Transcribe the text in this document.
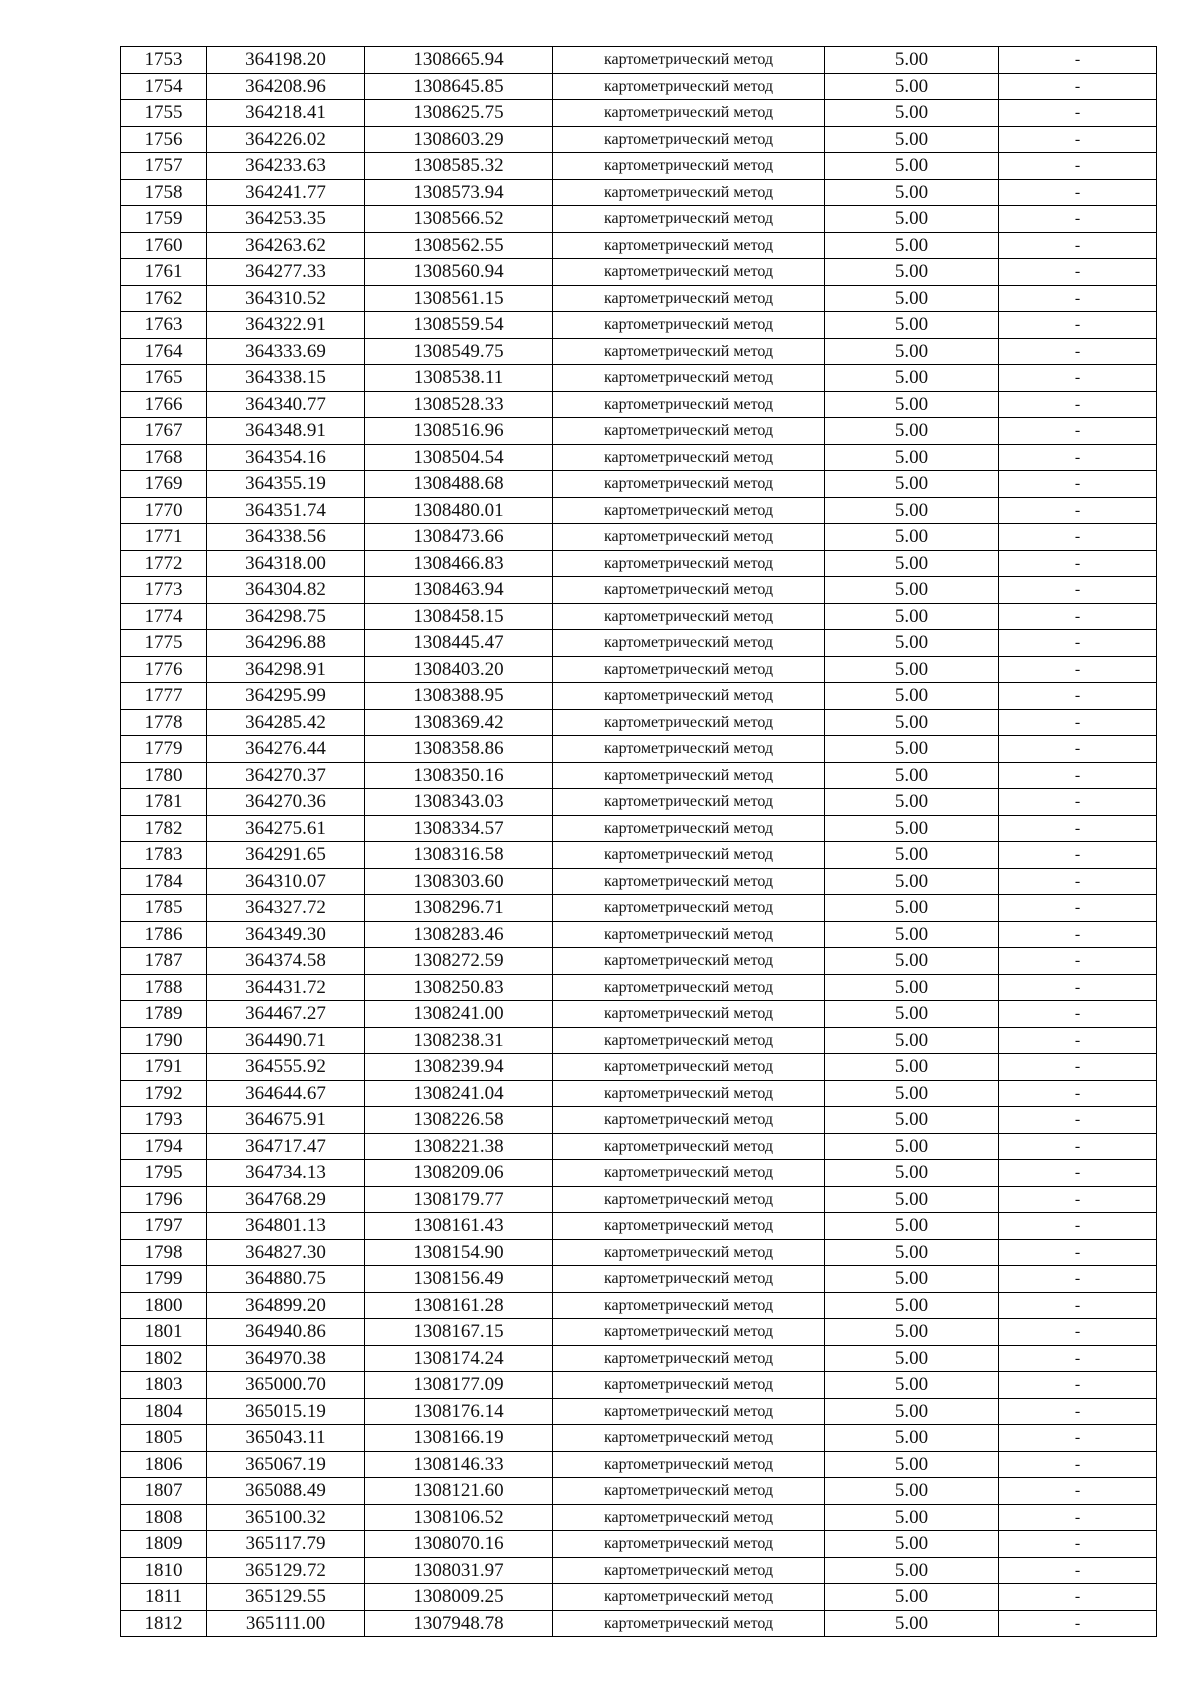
1753	364198.20	1308665.94	картометрический метод	5.00	-
1754	364208.96	1308645.85	картометрический метод	5.00	-
1755	364218.41	1308625.75	картометрический метод	5.00	-
1756	364226.02	1308603.29	картометрический метод	5.00	-
1757	364233.63	1308585.32	картометрический метод	5.00	-
1758	364241.77	1308573.94	картометрический метод	5.00	-
1759	364253.35	1308566.52	картометрический метод	5.00	-
1760	364263.62	1308562.55	картометрический метод	5.00	-
1761	364277.33	1308560.94	картометрический метод	5.00	-
1762	364310.52	1308561.15	картометрический метод	5.00	-
1763	364322.91	1308559.54	картометрический метод	5.00	-
1764	364333.69	1308549.75	картометрический метод	5.00	-
1765	364338.15	1308538.11	картометрический метод	5.00	-
1766	364340.77	1308528.33	картометрический метод	5.00	-
1767	364348.91	1308516.96	картометрический метод	5.00	-
1768	364354.16	1308504.54	картометрический метод	5.00	-
1769	364355.19	1308488.68	картометрический метод	5.00	-
1770	364351.74	1308480.01	картометрический метод	5.00	-
1771	364338.56	1308473.66	картометрический метод	5.00	-
1772	364318.00	1308466.83	картометрический метод	5.00	-
1773	364304.82	1308463.94	картометрический метод	5.00	-
1774	364298.75	1308458.15	картометрический метод	5.00	-
1775	364296.88	1308445.47	картометрический метод	5.00	-
1776	364298.91	1308403.20	картометрический метод	5.00	-
1777	364295.99	1308388.95	картометрический метод	5.00	-
1778	364285.42	1308369.42	картометрический метод	5.00	-
1779	364276.44	1308358.86	картометрический метод	5.00	-
1780	364270.37	1308350.16	картометрический метод	5.00	-
1781	364270.36	1308343.03	картометрический метод	5.00	-
1782	364275.61	1308334.57	картометрический метод	5.00	-
1783	364291.65	1308316.58	картометрический метод	5.00	-
1784	364310.07	1308303.60	картометрический метод	5.00	-
1785	364327.72	1308296.71	картометрический метод	5.00	-
1786	364349.30	1308283.46	картометрический метод	5.00	-
1787	364374.58	1308272.59	картометрический метод	5.00	-
1788	364431.72	1308250.83	картометрический метод	5.00	-
1789	364467.27	1308241.00	картометрический метод	5.00	-
1790	364490.71	1308238.31	картометрический метод	5.00	-
1791	364555.92	1308239.94	картометрический метод	5.00	-
1792	364644.67	1308241.04	картометрический метод	5.00	-
1793	364675.91	1308226.58	картометрический метод	5.00	-
1794	364717.47	1308221.38	картометрический метод	5.00	-
1795	364734.13	1308209.06	картометрический метод	5.00	-
1796	364768.29	1308179.77	картометрический метод	5.00	-
1797	364801.13	1308161.43	картометрический метод	5.00	-
1798	364827.30	1308154.90	картометрический метод	5.00	-
1799	364880.75	1308156.49	картометрический метод	5.00	-
1800	364899.20	1308161.28	картометрический метод	5.00	-
1801	364940.86	1308167.15	картометрический метод	5.00	-
1802	364970.38	1308174.24	картометрический метод	5.00	-
1803	365000.70	1308177.09	картометрический метод	5.00	-
1804	365015.19	1308176.14	картометрический метод	5.00	-
1805	365043.11	1308166.19	картометрический метод	5.00	-
1806	365067.19	1308146.33	картометрический метод	5.00	-
1807	365088.49	1308121.60	картометрический метод	5.00	-
1808	365100.32	1308106.52	картометрический метод	5.00	-
1809	365117.79	1308070.16	картометрический метод	5.00	-
1810	365129.72	1308031.97	картометрический метод	5.00	-
1811	365129.55	1308009.25	картометрический метод	5.00	-
1812	365111.00	1307948.78	картометрический метод	5.00	-
